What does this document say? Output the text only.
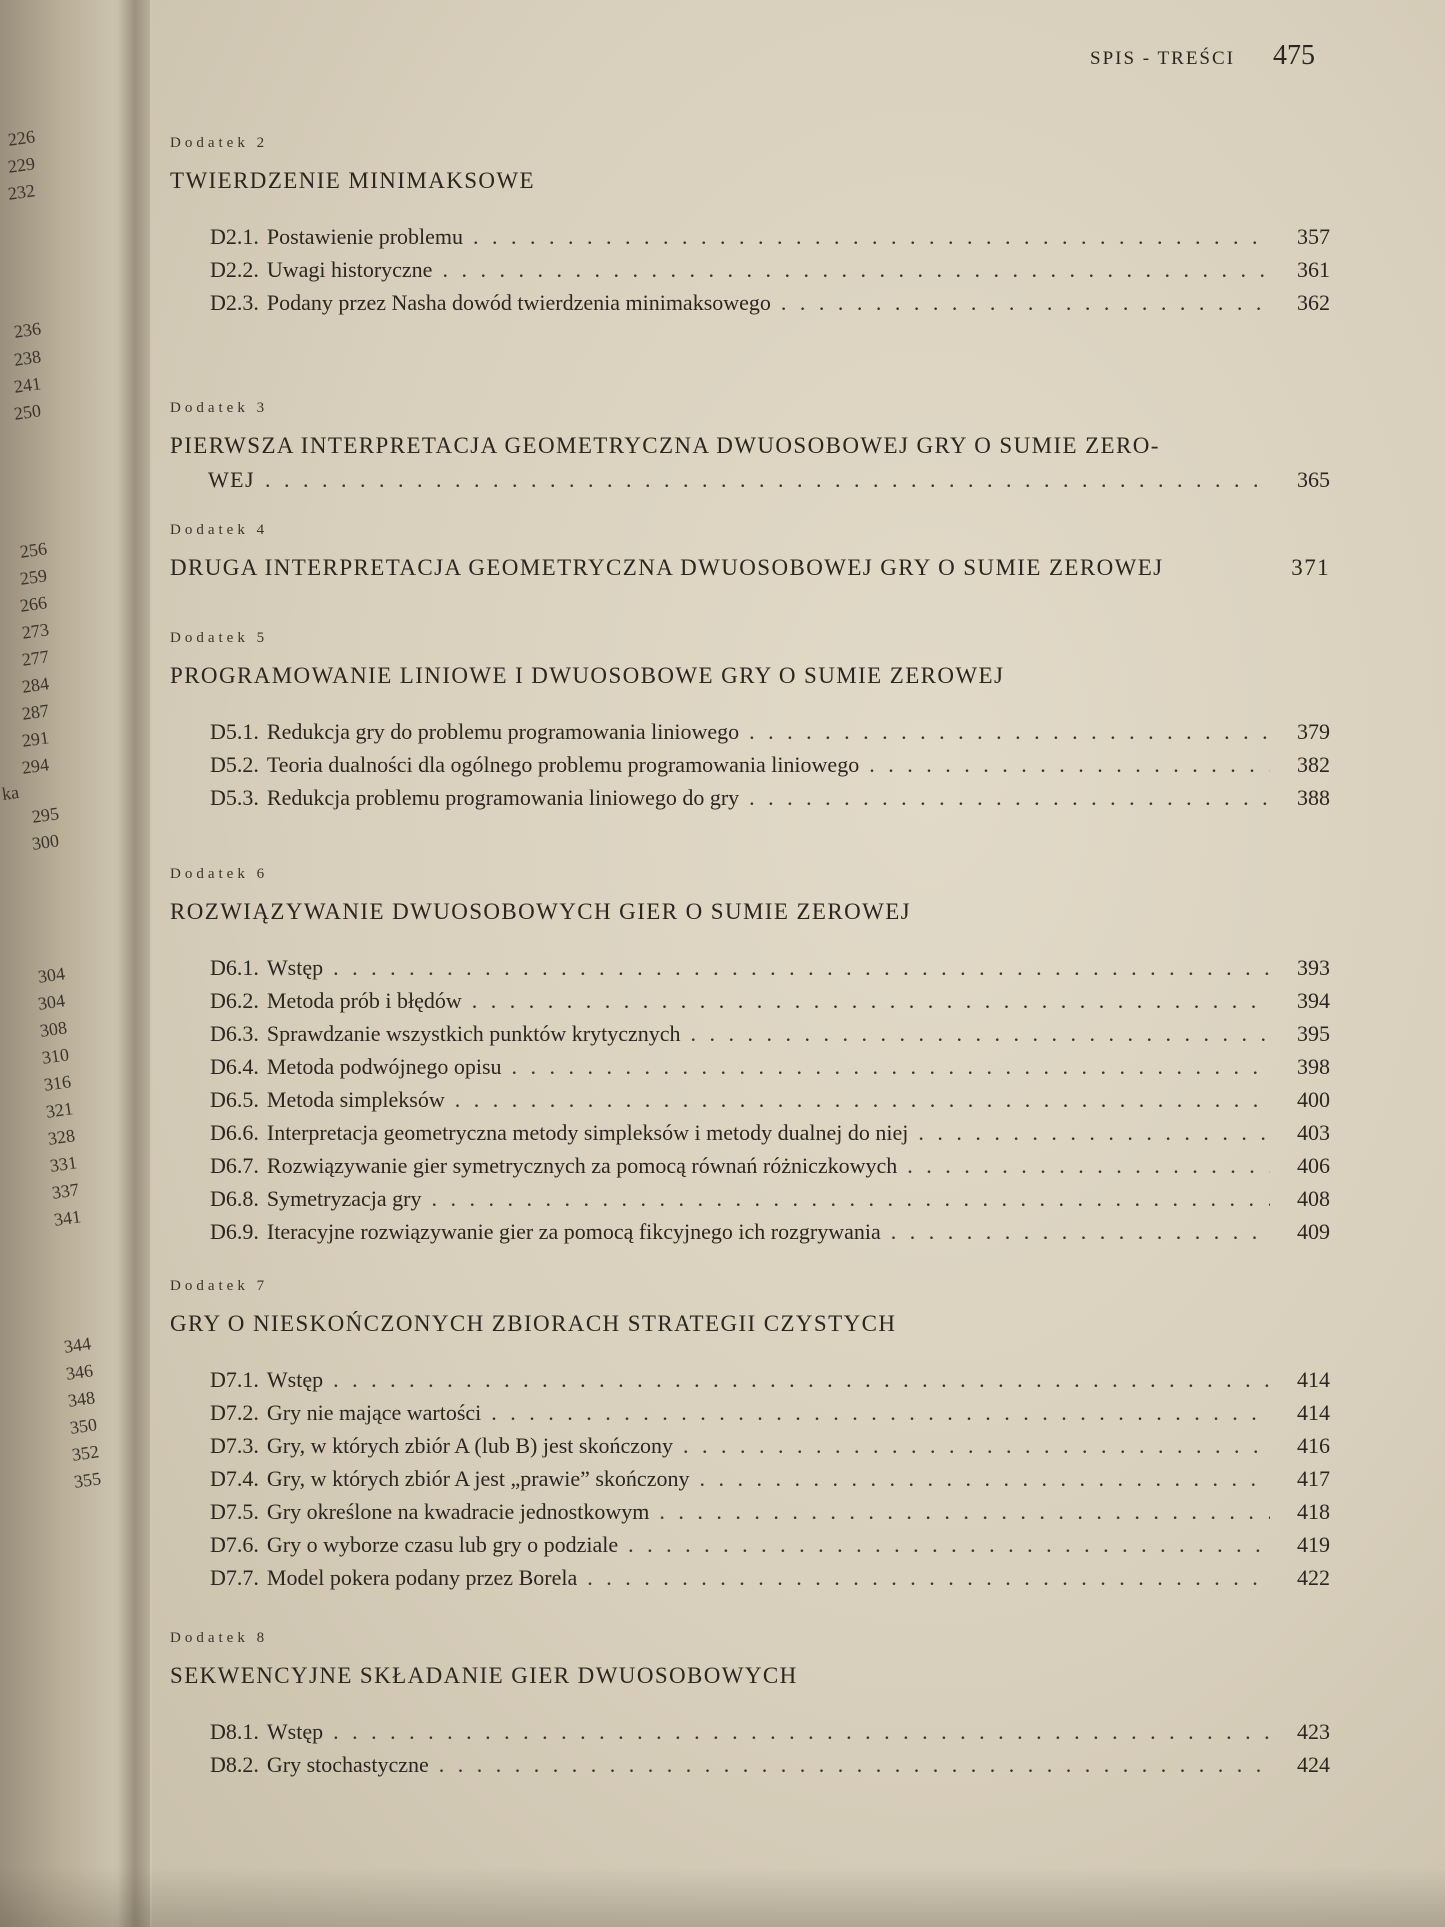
226
229
232
236
238
241
250
256
259
266
273
277
284
287
291
294
ka
295
300
304
304
308
310
316
321
328
331
337
341
344
346
348
350
352
355
SPIS - TREŚCI 475
Dodatek 2
TWIERDZENIE MINIMAKSOWE
D2.1. Postawienie problemu . . .	357
D2.2. Uwagi historyczne . . .	361
D2.3. Podany przez Nasha dowód twierdzenia minimaksowego . . .	362
Dodatek 3
PIERWSZA INTERPRETACJA GEOMETRYCZNA DWUOSOBOWEJ GRY O SUMIE ZERO-
WEJ . . .	365
Dodatek 4
DRUGA INTERPRETACJA GEOMETRYCZNA DWUOSOBOWEJ GRY O SUMIE ZEROWEJ	371
Dodatek 5
PROGRAMOWANIE LINIOWE I DWUOSOBOWE GRY O SUMIE ZEROWEJ
D5.1. Redukcja gry do problemu programowania liniowego . . .	379
D5.2. Teoria dualności dla ogólnego problemu programowania liniowego . . .	382
D5.3. Redukcja problemu programowania liniowego do gry . . .	388
Dodatek 6
ROZWIĄZYWANIE DWUOSOBOWYCH GIER O SUMIE ZEROWEJ
D6.1. Wstęp . . .	393
D6.2. Metoda prób i błędów . . .	394
D6.3. Sprawdzanie wszystkich punktów krytycznych . . .	395
D6.4. Metoda podwójnego opisu . . .	398
D6.5. Metoda simpleksów . . .	400
D6.6. Interpretacja geometryczna metody simpleksów i metody dualnej do niej . . .	403
D6.7. Rozwiązywanie gier symetrycznych za pomocą równań różniczkowych . . .	406
D6.8. Symetryzacja gry . . .	408
D6.9. Iteracyjne rozwiązywanie gier za pomocą fikcyjnego ich rozgrywania . . .	409
Dodatek 7
GRY O NIESKOŃCZONYCH ZBIORACH STRATEGII CZYSTYCH
D7.1. Wstęp . . .	414
D7.2. Gry nie mające wartości . . .	414
D7.3. Gry, w których zbiór A (lub B) jest skończony . . .	416
D7.4. Gry, w których zbiór A jest „prawie” skończony . . .	417
D7.5. Gry określone na kwadracie jednostkowym . . .	418
D7.6. Gry o wyborze czasu lub gry o podziale . . .	419
D7.7. Model pokera podany przez Borela . . .	422
Dodatek 8
SEKWENCYJNE SKŁADANIE GIER DWUOSOBOWYCH
D8.1. Wstęp . . .	423
D8.2. Gry stochastyczne . . .	424
